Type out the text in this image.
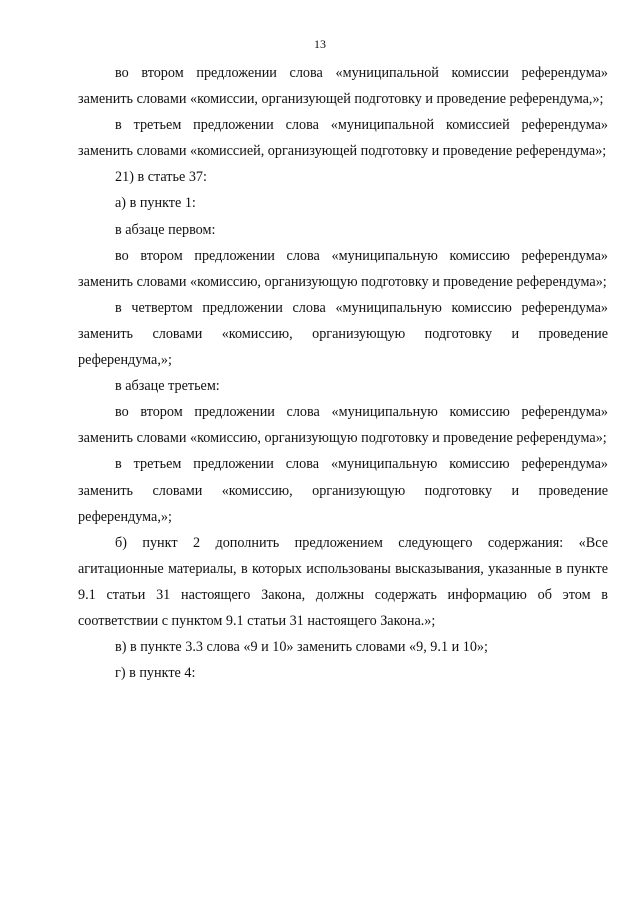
13

во втором предложении слова «муниципальной комиссии референдума» заменить словами «комиссии, организующей подготовку и проведение референдума,»;

в третьем предложении слова «муниципальной комиссией референдума» заменить словами «комиссией, организующей подготовку и проведение референдума»;

21) в статье 37:

а) в пункте 1:

в абзаце первом:

во втором предложении слова «муниципальную комиссию референдума» заменить словами «комиссию, организующую подготовку и проведение референдума»;

в четвертом предложении слова «муниципальную комиссию референдума» заменить словами «комиссию, организующую подготовку и проведение референдума,»;

в абзаце третьем:

во втором предложении слова «муниципальную комиссию референдума» заменить словами «комиссию, организующую подготовку и проведение референдума»;

в третьем предложении слова «муниципальную комиссию референдума» заменить словами «комиссию, организующую подготовку и проведение референдума,»;

б) пункт 2 дополнить предложением следующего содержания: «Все агитационные материалы, в которых использованы высказывания, указанные в пункте 9.1 статьи 31 настоящего Закона, должны содержать информацию об этом в соответствии с пунктом 9.1 статьи 31 настоящего Закона.»;

в) в пункте 3.3 слова «9 и 10» заменить словами «9, 9.1 и 10»;

г) в пункте 4:
